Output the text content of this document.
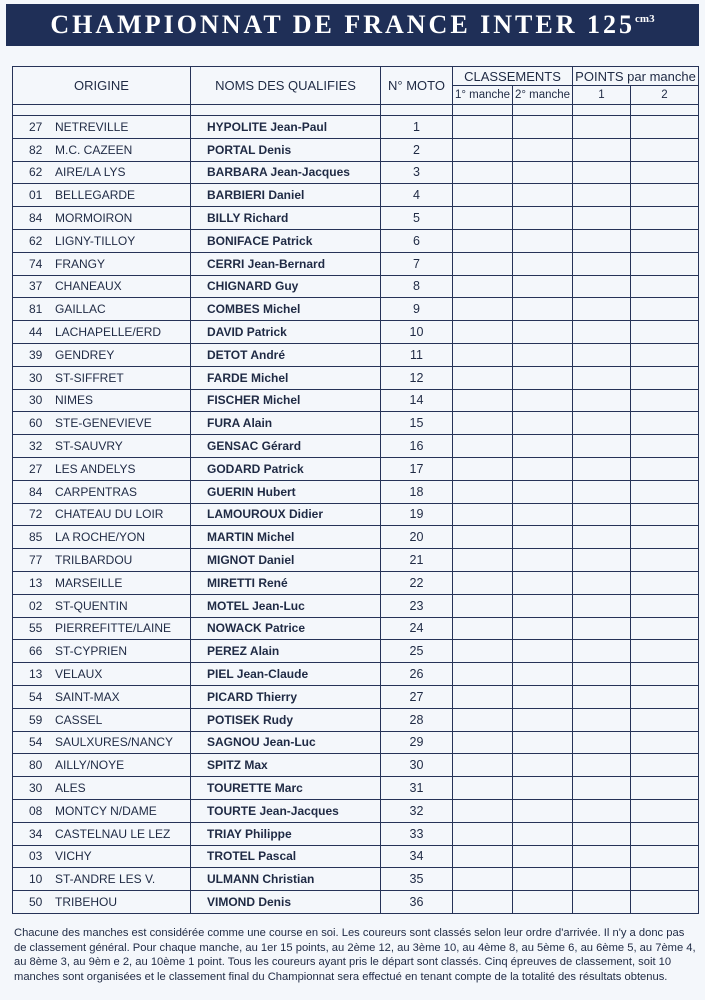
CHAMPIONNAT DE FRANCE INTER $125^{cm3}$
ORIGINE	NOMS DES QUALIFIES	N° MOTO	CLASSEMENTS		POINTS par manche	
			1° manche	2° manche	1	2

27 NETREVILLE	HYPOLITE Jean-Paul	1				
82 M.C. CAZEEN	PORTAL Denis	2				
62 AIRE/LA LYS	BARBARA Jean-Jacques	3				
01 BELLEGARDE	BARBIERI Daniel	4				
84 MORMOIRON	BILLY Richard	5				
62 LIGNY-TILLOY	BONIFACE Patrick	6				
74 FRANGY	CERRI Jean-Bernard	7				
37 CHANEAUX	CHIGNARD Guy	8				
81 GAILLAC	COMBES Michel	9				
44 LACHAPELLE/ERD	DAVID Patrick	10				
39 GENDREY	DETOT André	11				
30 ST-SIFFRET	FARDE Michel	12				
30 NIMES	FISCHER Michel	14				
60 STE-GENEVIEVE	FURA Alain	15				
32 ST-SAUVRY	GENSAC Gérard	16				
27 LES ANDELYS	GODARD Patrick	17				
84 CARPENTRAS	GUERIN Hubert	18				
72 CHATEAU DU LOIR	LAMOUROUX Didier	19				
85 LA ROCHE/YON	MARTIN Michel	20				
77 TRILBARDOU	MIGNOT Daniel	21				
13 MARSEILLE	MIRETTI René	22				
02 ST-QUENTIN	MOTEL Jean-Luc	23				
55 PIERREFITTE/LAINE	NOWACK Patrice	24				
66 ST-CYPRIEN	PEREZ Alain	25				
13 VELAUX	PIEL Jean-Claude	26				
54 SAINT-MAX	PICARD Thierry	27				
59 CASSEL	POTISEK Rudy	28				
54 SAULXURES/NANCY	SAGNOU Jean-Luc	29				
80 AILLY/NOYE	SPITZ Max	30				
30 ALES	TOURETTE Marc	31				
08 MONTCY N/DAME	TOURTE Jean-Jacques	32				
34 CASTELNAU LE LEZ	TRIAY Philippe	33				
03 VICHY	TROTEL Pascal	34				
10 ST-ANDRE LES V.	ULMANN Christian	35				
50 TRIBEHOU	VIMOND Denis	36				

Chacune des manches est considérée comme une course en soi. Les coureurs sont classés selon leur ordre d'arrivée. Il n'y a donc pas de classement général. Pour chaque manche, au 1er 15 points, au 2ème 12, au 3ème 10, au 4ème 8, au 5ème 6, au 6ème 5, au 7ème 4, au 8ème 3, au 9èm e 2, au 10ème 1 point. Tous les coureurs ayant pris le départ sont classés. Cinq épreuves de classement, soit 10 manches sont organisées et le classement final du Championnat sera effectué en tenant compte de la totalité des résultats obtenus.
